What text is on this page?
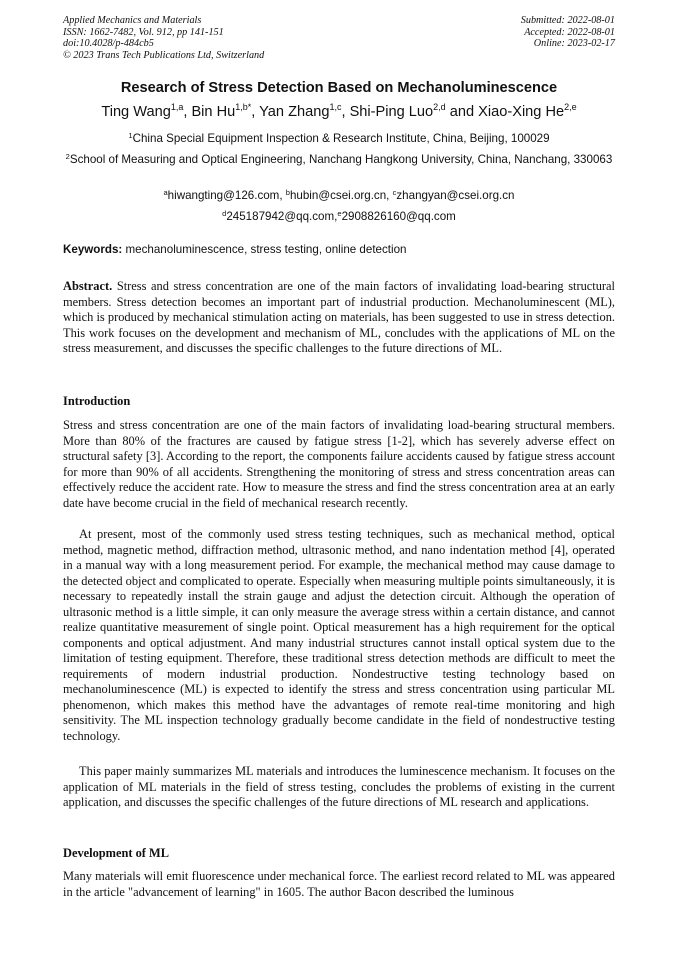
Applied Mechanics and Materials
ISSN: 1662-7482, Vol. 912, pp 141-151
doi:10.4028/p-484cb5
© 2023 Trans Tech Publications Ltd, Switzerland
Submitted: 2022-08-01
Accepted: 2022-08-01
Online: 2023-02-17
Research of Stress Detection Based on Mechanoluminescence
Ting Wang$^{1,a}$, Bin $Hu^{1,b*}$, Yan Zhang$^{1,c}$, Shi-Ping Luo$^{2,d}$ and Xiao-Xing He$^{2,e}$
$^1$China Special Equipment Inspection & Research Institute, China, Beijing, 100029
$^2$School of Measuring and Optical Engineering, Nanchang Hangkong University, China, Nanchang, 330063
$^a$hiwangting@126.com, $^b$hubin@csei.org.cn, $^c$zhangyan@csei.org.cn
$^d$245187942@qq.com,$^e$2908826160@qq.com
Keywords: mechanoluminescence, stress testing, online detection

Abstract. Stress and stress concentration are one of the main factors of invalidating load-bearing structural members. Stress detection becomes an important part of industrial production. Mechanoluminescent (ML), which is produced by mechanical stimulation acting on materials, has been suggested to use in stress detection. This work focuses on the development and mechanism of ML, concludes with the applications of ML on the stress measurement, and discusses the specific challenges to the future directions of ML.

Introduction

Stress and stress concentration are one of the main factors of invalidating load-bearing structural members. More than 80% of the fractures are caused by fatigue stress [1-2], which has severely adverse effect on structural safety [3]. According to the report, the components failure accidents caused by fatigue stress account for more than 90% of all accidents. Strengthening the monitoring of stress and stress concentration areas can effectively reduce the accident rate. How to measure the stress and find the stress concentration area at an early date have become crucial in the field of mechanical research recently.

At present, most of the commonly used stress testing techniques, such as mechanical method, optical method, magnetic method, diffraction method, ultrasonic method, and nano indentation method [4], operated in a manual way with a long measurement period. For example, the mechanical method may cause damage to the detected object and complicated to operate. Especially when measuring multiple points simultaneously, it is necessary to repeatedly install the strain gauge and adjust the detection circuit. Although the operation of ultrasonic method is a little simple, it can only measure the average stress within a certain distance, and cannot realize quantitative measurement of single point. Optical measurement has a high requirement for the optical components and optical adjustment. And many industrial structures cannot install optical system due to the limitation of testing equipment. Therefore, these traditional stress detection methods are difficult to meet the requirements of modern industrial production. Nondestructive testing technology based on mechanoluminescence (ML) is expected to identify the stress and stress concentration using particular ML phenomenon, which makes this method have the advantages of remote real-time monitoring and high sensitivity. The ML inspection technology gradually become candidate in the field of nondestructive testing technology.

This paper mainly summarizes ML materials and introduces the luminescence mechanism. It focuses on the application of ML materials in the field of stress testing, concludes the problems of existing in the current application, and discusses the specific challenges of the future directions of ML research and applications.

Development of ML

Many materials will emit fluorescence under mechanical force. The earliest record related to ML was appeared in the article "advancement of learning" in 1605. The author Bacon described the luminous
